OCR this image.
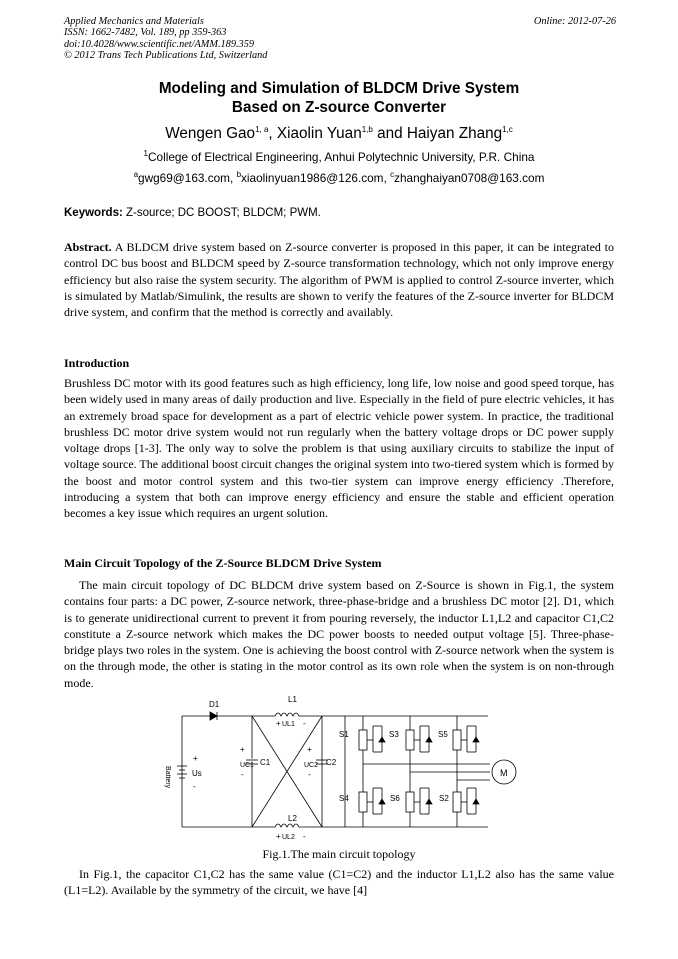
Applied Mechanics and Materials
ISSN: 1662-7482, Vol. 189, pp 359-363
doi:10.4028/www.scientific.net/AMM.189.359
© 2012 Trans Tech Publications Ltd, Switzerland
Online: 2012-07-26
Modeling and Simulation of BLDCM Drive System
Based on Z-source Converter
Wengen Gao$^{1, a}$, Xiaolin Yuan$^{1,b}$ and Haiyan Zhang$^{1,c}$
$^1$College of Electrical Engineering, Anhui Polytechnic University, P.R. China
$^a$gwg69@163.com, $^b$xiaolinyuan1986@126.com, $^c$zhanghaiyan0708@163.com
Keywords: Z-source; DC BOOST; BLDCM; PWM.

Abstract. A BLDCM drive system based on Z-source converter is proposed in this paper, it can be integrated to control DC bus boost and BLDCM speed by Z-source transformation technology, which not only improve energy efficiency but also raise the system security. The algorithm of PWM is applied to control Z-source inverter, which is simulated by Matlab/Simulink, the results are shown to verify the features of the Z-source inverter for BLDCM drive system, and confirm that the method is correctly and availably.

Introduction

Brushless DC motor with its good features such as high efficiency, long life, low noise and good speed torque, has been widely used in many areas of daily production and live. Especially in the field of pure electric vehicles, it has an extremely broad space for development as a part of electric vehicle power system. In practice, the traditional brushless DC motor drive system would not run regularly when the battery voltage drops or DC power supply voltage drops [1-3]. The only way to solve the problem is that using auxiliary circuits to stabilize the input of voltage source. The additional boost circuit changes the original system into two-tiered system which is formed by the boost and motor control system and this two-tier system can improve energy efficiency .Therefore, introducing a system that both can improve energy efficiency and ensure the stable and efficient operation becomes a key issue which requires an urgent solution.

Main Circuit Topology of the Z-Source BLDCM Drive System

The main circuit topology of DC BLDCM drive system based on Z-Source is shown in Fig.1, the system contains four parts: a DC power, Z-source network, three-phase-bridge and a brushless DC motor [2]. D1, which is to generate unidirectional current to prevent it from pouring reversely, the inductor L1,L2 and capacitor C1,C2 constitute a Z-source network which makes the DC power boosts to needed output voltage [5]. Three-phase-bridge plays two roles in the system. One is achieving the boost control with Z-source network when the system is on the through mode, the other is stating in the motor control as its own role when the system is on non-through mode.

D1
Battery
+
Us
-
L1
+ UL1 -
L2
+ UL2 -
+
UC1 C1
-
+
UC2 C2
-
S1	S3	S5
S4	S6	S2
M
Fig.1.The main circuit topology

In Fig.1, the capacitor C1,C2 has the same value (C1=C2) and the inductor L1,L2 also has the same value (L1=L2). Available by the symmetry of the circuit, we have [4]
